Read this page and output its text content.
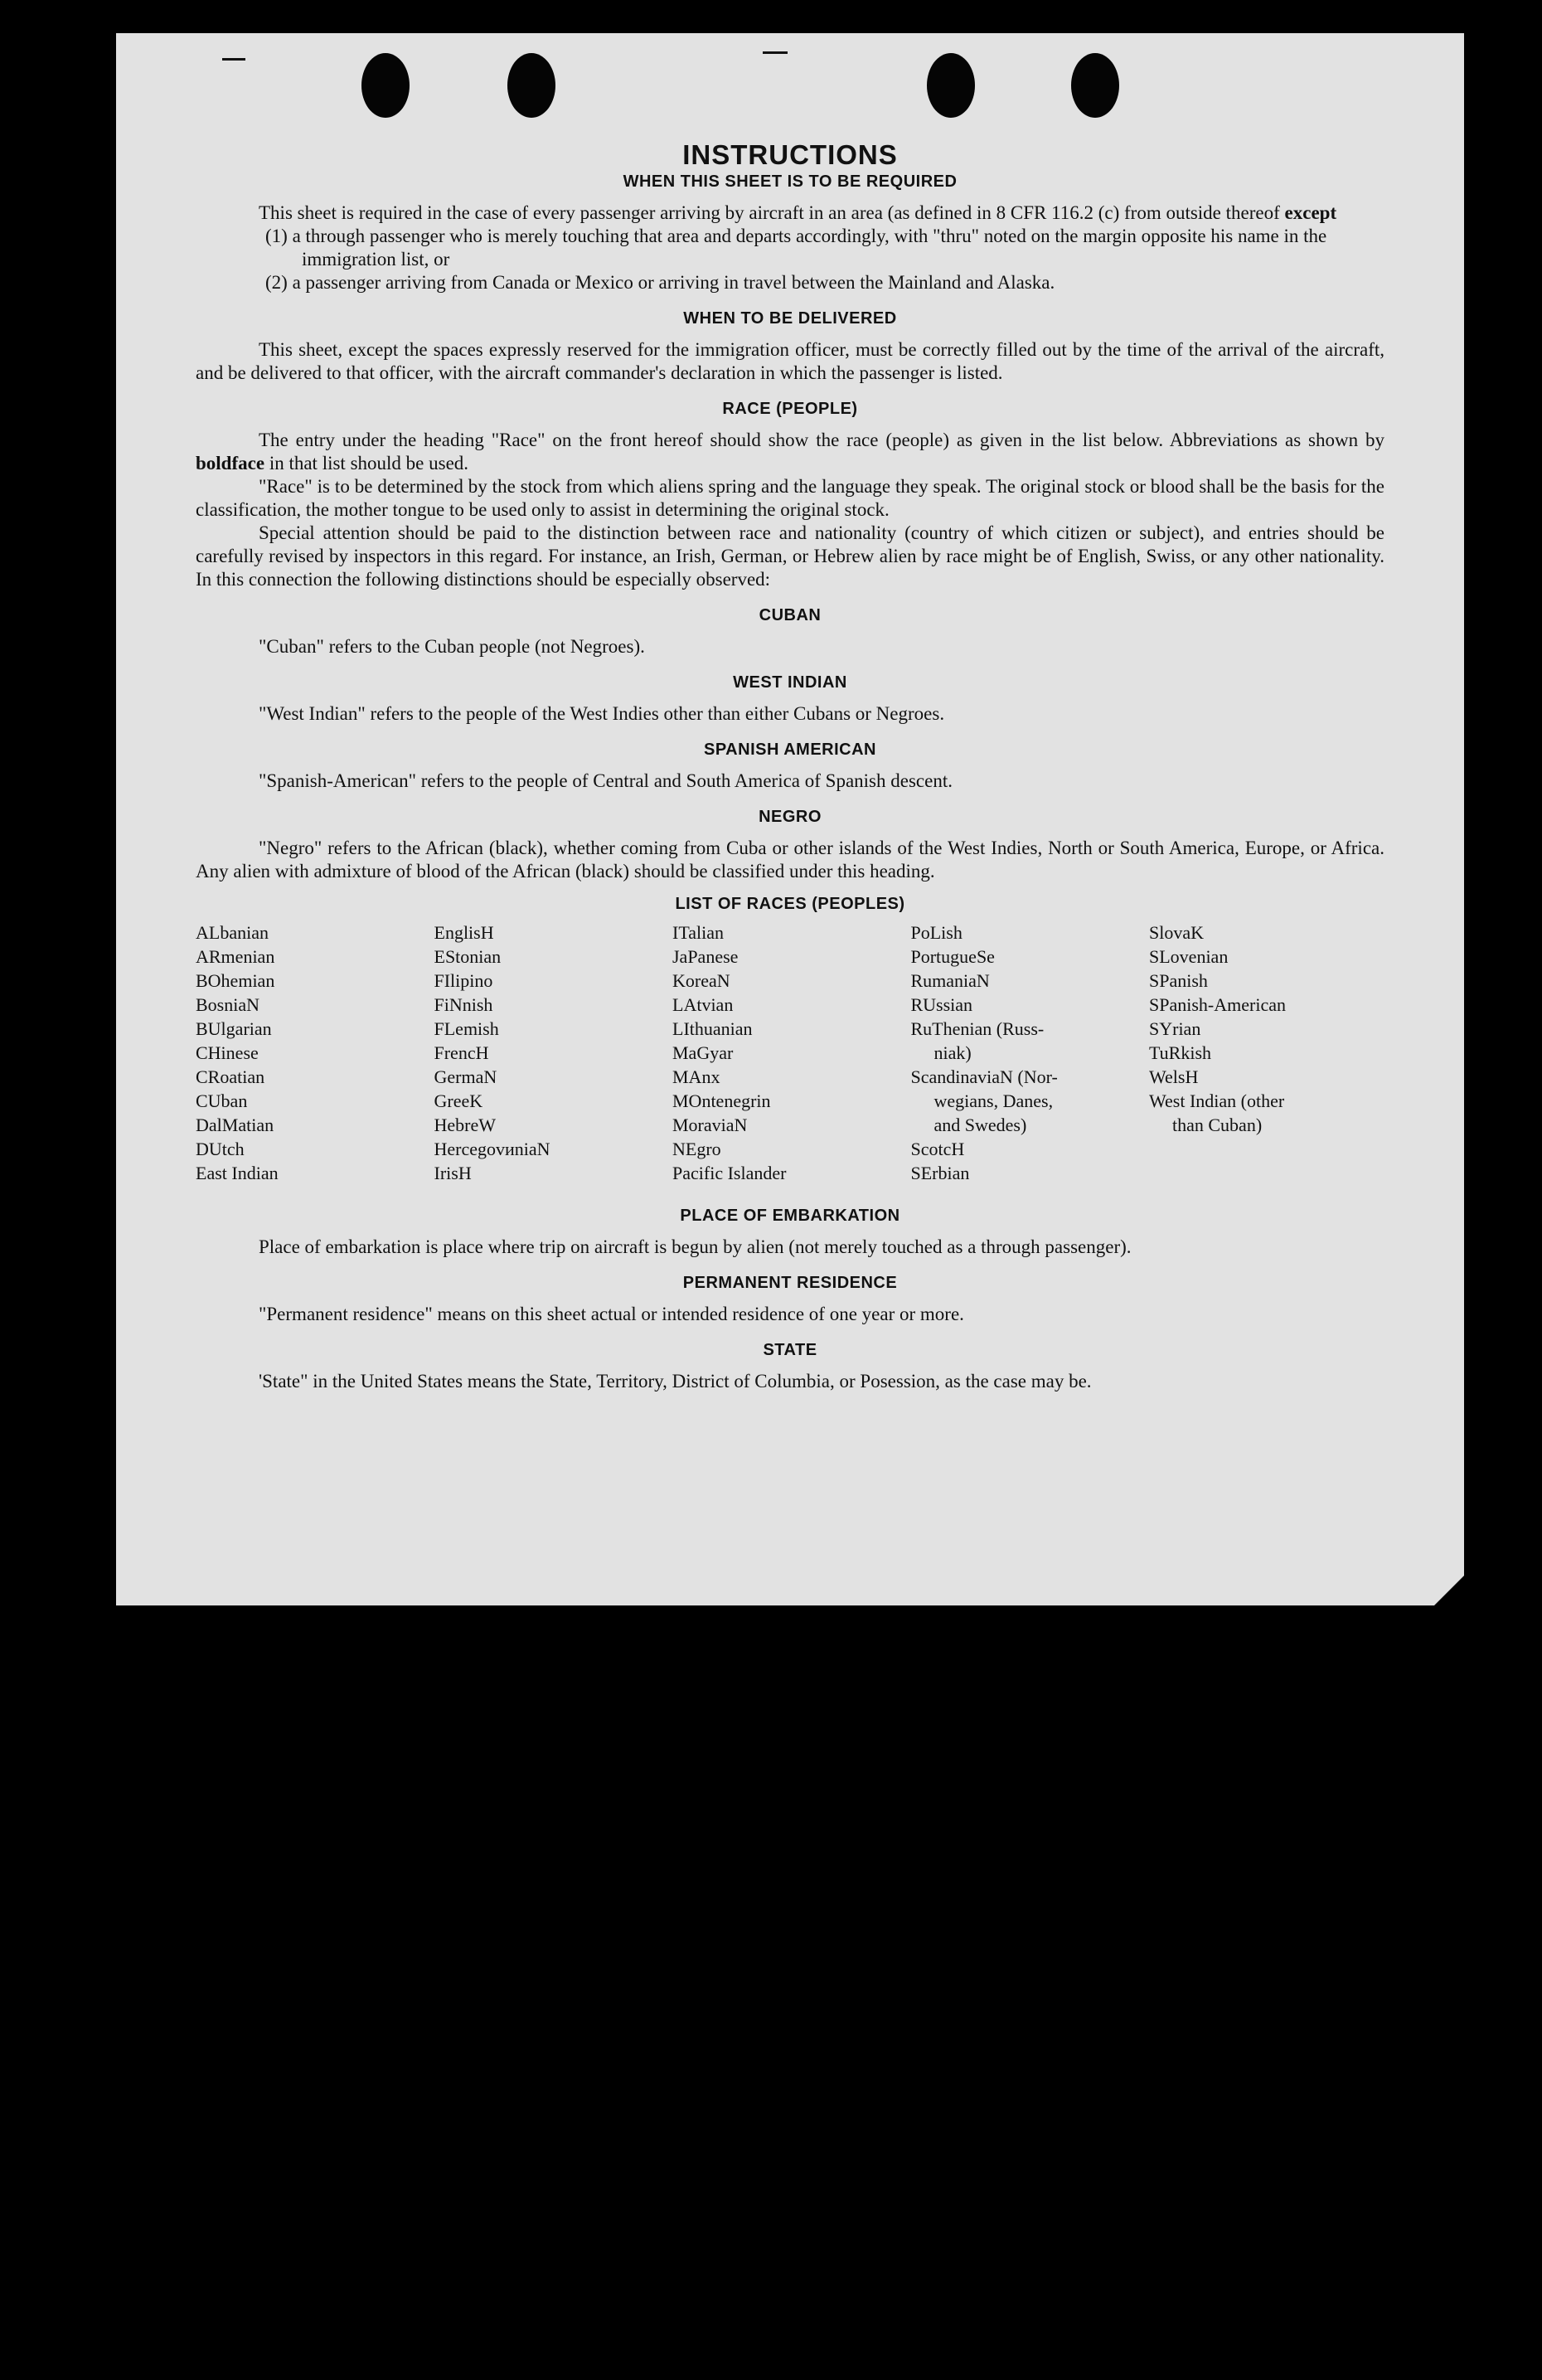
INSTRUCTIONS
WHEN THIS SHEET IS TO BE REQUIRED

This sheet is required in the case of every passenger arriving by aircraft in an area (as defined in 8 CFR 116.2 (c) from outside thereof except

(1) a through passenger who is merely touching that area and departs accordingly, with "thru" noted on the margin opposite his name in the immigration list, or
(2) a passenger arriving from Canada or Mexico or arriving in travel between the Mainland and Alaska.
WHEN TO BE DELIVERED

This sheet, except the spaces expressly reserved for the immigration officer, must be correctly filled out by the time of the arrival of the aircraft, and be delivered to that officer, with the aircraft commander's declaration in which the passenger is listed.

RACE (PEOPLE)

The entry under the heading "Race" on the front hereof should show the race (people) as given in the list below. Abbreviations as shown by boldface in that list should be used.

"Race" is to be determined by the stock from which aliens spring and the language they speak. The original stock or blood shall be the basis for the classification, the mother tongue to be used only to assist in determining the original stock.

Special attention should be paid to the distinction between race and nationality (country of which citizen or subject), and entries should be carefully revised by inspectors in this regard. For instance, an Irish, German, or Hebrew alien by race might be of English, Swiss, or any other nationality. In this connection the following distinctions should be especially observed:

CUBAN

"Cuban" refers to the Cuban people (not Negroes).

WEST INDIAN

"West Indian" refers to the people of the West Indies other than either Cubans or Negroes.

SPANISH AMERICAN

"Spanish-American" refers to the people of Central and South America of Spanish descent.

NEGRO

"Negro" refers to the African (black), whether coming from Cuba or other islands of the West Indies, North or South America, Europe, or Africa. Any alien with admixture of blood of the African (black) should be classified under this heading.

LIST OF RACES (PEOPLES)
ALbanian
ARmenian
BOhemian
BosniaN
BUlgarian
CHinese
CRoatian
CUban
DalMatian
DUtch
East Indian
EnglisH
EStonian
FIlipino
FiNnish
FLemish
FrencH
GermaN
GreeK
HebreW
HercegovиniaN
IrisH
ITalian
JaPanese
KoreaN
LAtvian
LIthuanian
MaGyar
MAnx
MOntenegrin
MoraviaN
NEgro
Pacific Islander
PoLish
PortugueSe
RumaniaN
RUssian
RuThenian (Russ-
niak)
ScandinaviaN (Nor-
wegians, Danes,
and Swedes)
ScotcH
SErbian
SlovaK
SLovenian
SPanish
SPanish-American
SYrian
TuRkish
WelsH
West Indian (other
than Cuban)
PLACE OF EMBARKATION

Place of embarkation is place where trip on aircraft is begun by alien (not merely touched as a through passenger).

PERMANENT RESIDENCE

"Permanent residence" means on this sheet actual or intended residence of one year or more.

STATE

'State" in the United States means the State, Territory, District of Columbia, or Posession, as the case may be.
